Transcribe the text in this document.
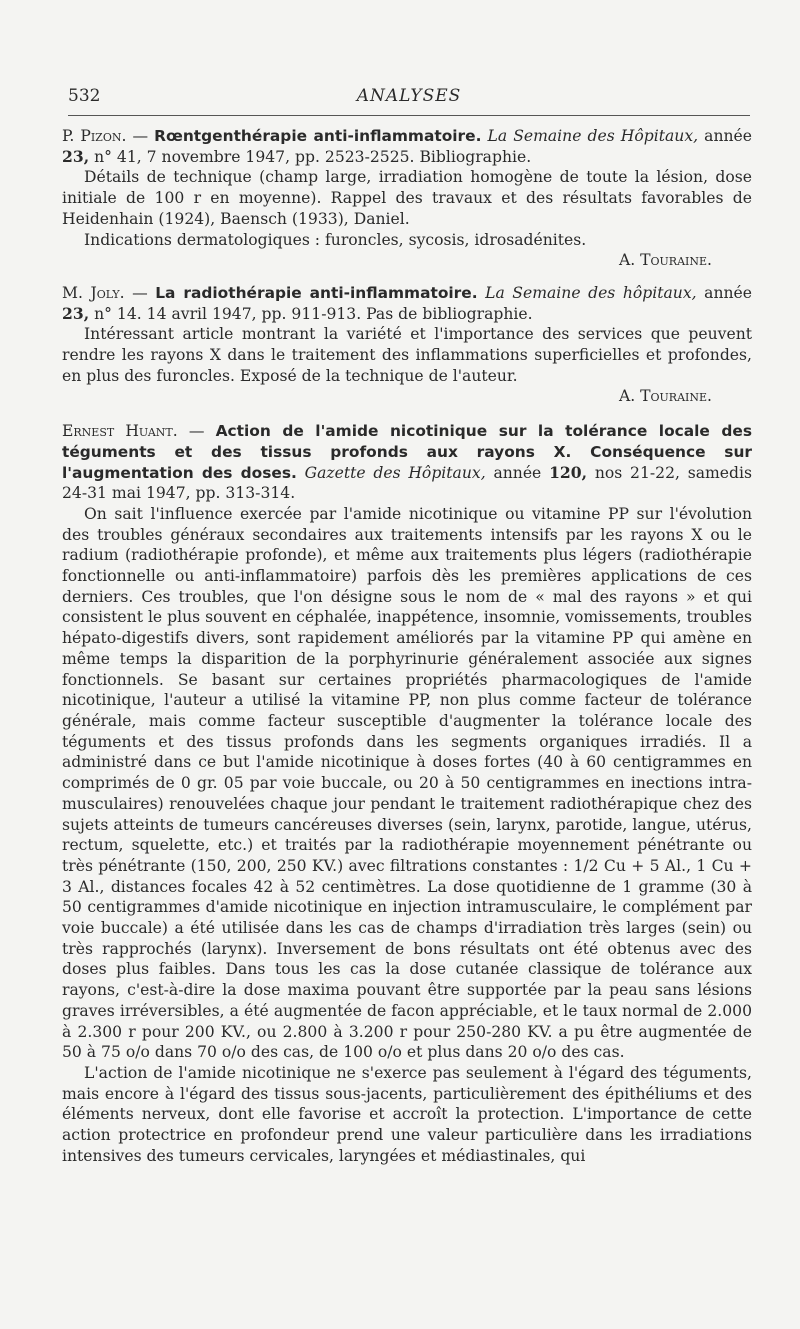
532	ANALYSES

P. Pizon. — Rœntgenthérapie anti-inflammatoire. La Semaine des Hôpitaux, année 23, n° 41, 7 novembre 1947, pp. 2523-2525. Bibliographie.

Détails de technique (champ large, irradiation homogène de toute la lésion, dose initiale de 100 r en moyenne). Rappel des travaux et des résultats favorables de Heidenhain (1924), Baensch (1933), Daniel.

Indications dermatologiques : furoncles, sycosis, idrosadénites.

A. Touraine.

M. Joly. — La radiothérapie anti-inflammatoire. La Semaine des hôpitaux, année 23, n° 14. 14 avril 1947, pp. 911-913. Pas de bibliographie.

Intéressant article montrant la variété et l'importance des services que peuvent rendre les rayons X dans le traitement des inflammations superficielles et profondes, en plus des furoncles. Exposé de la technique de l'auteur.

A. Touraine.

Ernest Huant. — Action de l'amide nicotinique sur la tolérance locale des téguments et des tissus profonds aux rayons X. Conséquence sur l'augmentation des doses. Gazette des Hôpitaux, année 120, nos 21-22, samedis 24-31 mai 1947, pp. 313-314.

On sait l'influence exercée par l'amide nicotinique ou vitamine PP sur l'évolution des troubles généraux secondaires aux traitements intensifs par les rayons X ou le radium (radiothérapie profonde), et même aux traitements plus légers (radiothérapie fonctionnelle ou anti-inflammatoire) parfois dès les premières applications de ces derniers. Ces troubles, que l'on désigne sous le nom de « mal des rayons » et qui consistent le plus souvent en céphalée, inappétence, insomnie, vomissements, troubles hépato-digestifs divers, sont rapidement améliorés par la vitamine PP qui amène en même temps la disparition de la porphyrinurie généralement associée aux signes fonctionnels. Se basant sur certaines propriétés pharmacologiques de l'amide nicotinique, l'auteur a utilisé la vitamine PP, non plus comme facteur de tolérance générale, mais comme facteur susceptible d'augmenter la tolérance locale des téguments et des tissus profonds dans les segments organiques irradiés. Il a administré dans ce but l'amide nicotinique à doses fortes (40 à 60 centigrammes en comprimés de 0 gr. 05 par voie buccale, ou 20 à 50 centigrammes en inections intra-musculaires) renouvelées chaque jour pendant le traitement radiothérapique chez des sujets atteints de tumeurs cancéreuses diverses (sein, larynx, parotide, langue, utérus, rectum, squelette, etc.) et traités par la radiothérapie moyennement pénétrante ou très pénétrante (150, 200, 250 KV.) avec filtrations constantes : 1/2 Cu + 5 Al., 1 Cu + 3 Al., distances focales 42 à 52 centimètres. La dose quotidienne de 1 gramme (30 à 50 centigrammes d'amide nicotinique en injection intramusculaire, le complément par voie buccale) a été utilisée dans les cas de champs d'irradiation très larges (sein) ou très rapprochés (larynx). Inversement de bons résultats ont été obtenus avec des doses plus faibles. Dans tous les cas la dose cutanée classique de tolérance aux rayons, c'est-à-dire la dose maxima pouvant être supportée par la peau sans lésions graves irréversibles, a été augmentée de facon appréciable, et le taux normal de 2.000 à 2.300 r pour 200 KV., ou 2.800 à 3.200 r pour 250-280 KV. a pu être augmentée de 50 à 75 o/o dans 70 o/o des cas, de 100 o/o et plus dans 20 o/o des cas.

L'action de l'amide nicotinique ne s'exerce pas seulement à l'égard des téguments, mais encore à l'égard des tissus sous-jacents, particulièrement des épithéliums et des éléments nerveux, dont elle favorise et accroît la protection. L'importance de cette action protectrice en profondeur prend une valeur particulière dans les irradiations intensives des tumeurs cervicales, laryngées et médiastinales, qui
